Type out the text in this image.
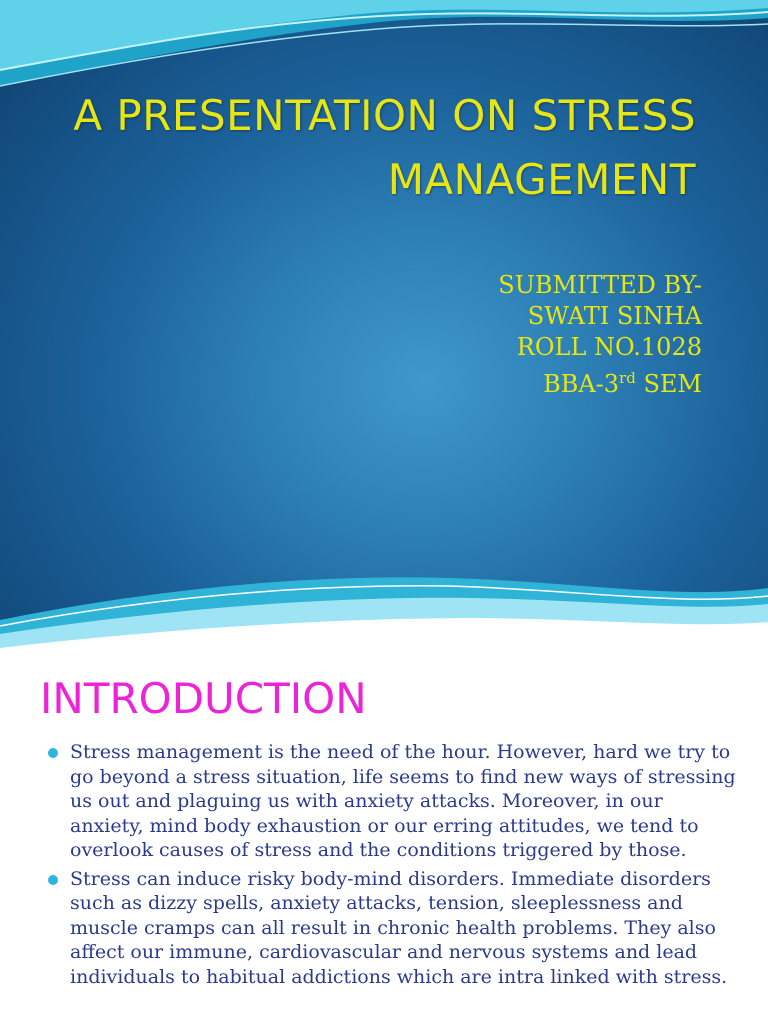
A PRESENTATION ON STRESS
MANAGEMENT
SUBMITTED BY-
SWATI SINHA
ROLL NO.1028
BBA-3rd SEM
INTRODUCTION
Stress management is the need of the hour. However, hard we try to go beyond a stress situation, life seems to find new ways of stressing us out and plaguing us with anxiety attacks. Moreover, in our anxiety, mind body exhaustion or our erring attitudes, we tend to overlook causes of stress and the conditions triggered by those.
Stress can induce risky body-mind disorders. Immediate disorders such as dizzy spells, anxiety attacks, tension, sleeplessness and muscle cramps can all result in chronic health problems. They also affect our immune, cardiovascular and nervous systems and lead individuals to habitual addictions which are intra linked with stress.
